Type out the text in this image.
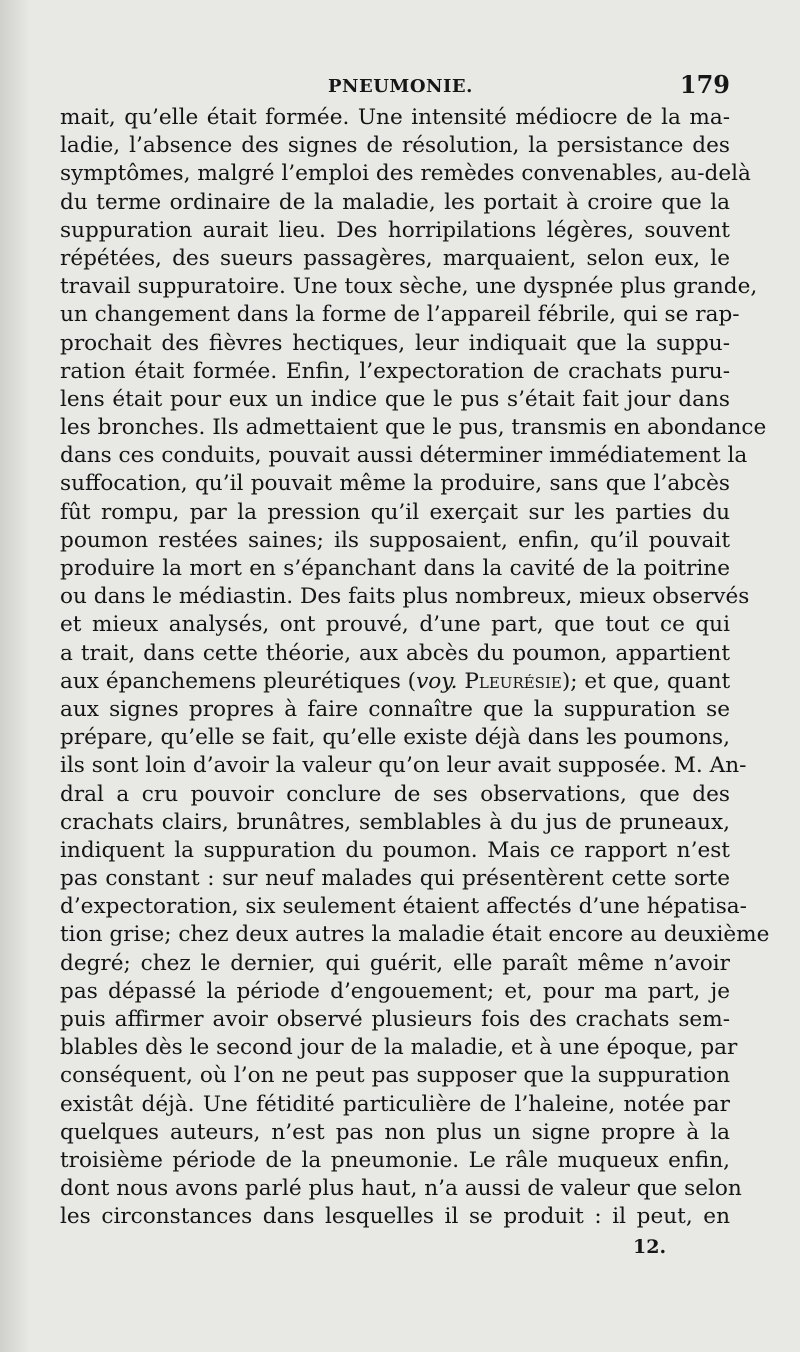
PNEUMONIE.	179
mait, qu’elle était formée. Une intensité médiocre de la ma-
ladie, l’absence des signes de résolution, la persistance des
symptômes, malgré l’emploi des remèdes convenables, au-delà
du terme ordinaire de la maladie, les portait à croire que la
suppuration aurait lieu. Des horripilations légères, souvent
répétées, des sueurs passagères, marquaient, selon eux, le
travail suppuratoire. Une toux sèche, une dyspnée plus grande,
un changement dans la forme de l’appareil fébrile, qui se rap-
prochait des fièvres hectiques, leur indiquait que la suppu-
ration était formée. Enfin, l’expectoration de crachats puru-
lens était pour eux un indice que le pus s’était fait jour dans
les bronches. Ils admettaient que le pus, transmis en abondance
dans ces conduits, pouvait aussi déterminer immédiatement la
suffocation, qu’il pouvait même la produire, sans que l’abcès
fût rompu, par la pression qu’il exerçait sur les parties du
poumon restées saines; ils supposaient, enfin, qu’il pouvait
produire la mort en s’épanchant dans la cavité de la poitrine
ou dans le médiastin. Des faits plus nombreux, mieux observés
et mieux analysés, ont prouvé, d’une part, que tout ce qui
a trait, dans cette théorie, aux abcès du poumon, appartient
aux épanchemens pleurétiques (voy. Pleurésie); et que, quant
aux signes propres à faire connaître que la suppuration se
prépare, qu’elle se fait, qu’elle existe déjà dans les poumons,
ils sont loin d’avoir la valeur qu’on leur avait supposée. M. An-
dral a cru pouvoir conclure de ses observations, que des
crachats clairs, brunâtres, semblables à du jus de pruneaux,
indiquent la suppuration du poumon. Mais ce rapport n’est
pas constant : sur neuf malades qui présentèrent cette sorte
d’expectoration, six seulement étaient affectés d’une hépatisa-
tion grise; chez deux autres la maladie était encore au deuxième
degré; chez le dernier, qui guérit, elle paraît même n’avoir
pas dépassé la période d’engouement; et, pour ma part, je
puis affirmer avoir observé plusieurs fois des crachats sem-
blables dès le second jour de la maladie, et à une époque, par
conséquent, où l’on ne peut pas supposer que la suppuration
existât déjà. Une fétidité particulière de l’haleine, notée par
quelques auteurs, n’est pas non plus un signe propre à la
troisième période de la pneumonie. Le râle muqueux enfin,
dont nous avons parlé plus haut, n’a aussi de valeur que selon
les circonstances dans lesquelles il se produit : il peut, en
12.
